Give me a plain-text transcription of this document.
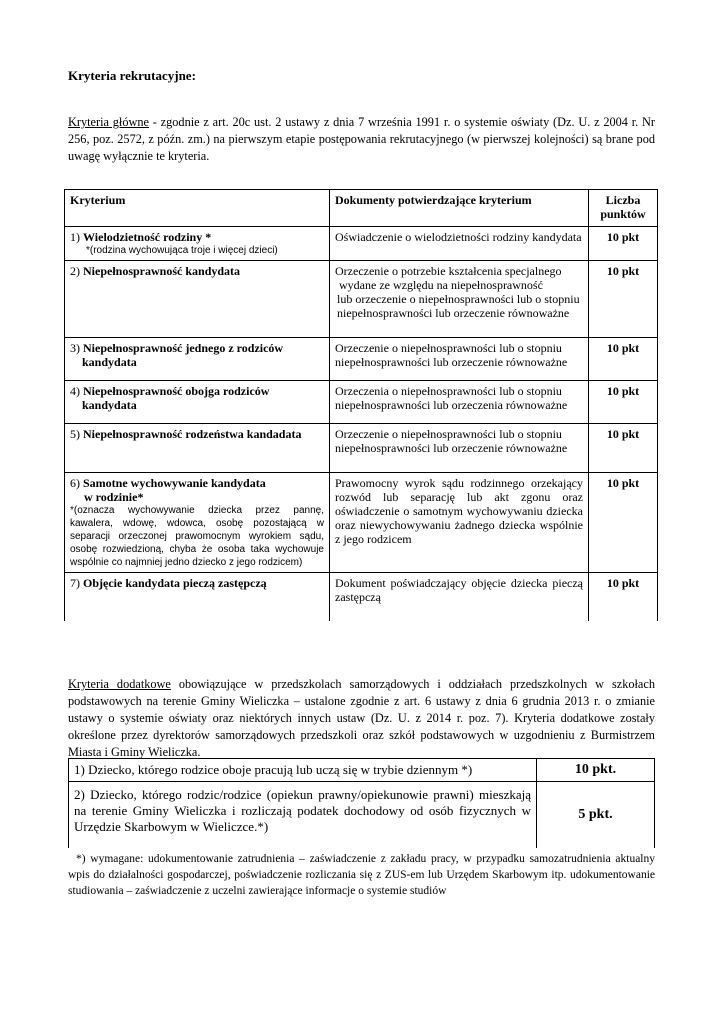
Kryteria rekrutacyjne:

Kryteria główne - zgodnie z art. 20c ust. 2 ustawy z dnia 7 września 1991 r. o systemie oświaty (Dz. U. z 2004 r. Nr 256, poz. 2572, z późn. zm.) na pierwszym etapie postępowania rekrutacyjnego (w pierwszej kolejności) są brane pod uwagę wyłącznie te kryteria.

Kryterium	Dokumenty potwierdzające kryterium	Liczba
punktów
1) Wielodzietność rodziny *
*(rodzina wychowująca troje i więcej dzieci)	Oświadczenie o wielodzietności rodziny kandydata	10 pkt
2) Niepełnosprawność kandydata	Orzeczenie o potrzebie kształcenia specjalnego
wydane ze względu na niepełnosprawność
lub orzeczenie o niepełnosprawności lub o stopniu
niepełnosprawności lub orzeczenie równoważne	10 pkt
3) Niepełnosprawność jednego z rodziców
kandydata	Orzeczenie o niepełnosprawności lub o stopniu niepełnosprawności lub orzeczenie równoważne	10 pkt
4) Niepełnosprawność obojga rodziców
kandydata	Orzeczenia o niepełnosprawności lub o stopniu niepełnosprawności lub orzeczenia równoważne	10 pkt
5) Niepełnosprawność rodzeństwa kandadata	Orzeczenie o niepełnosprawności lub o stopniu niepełnosprawności lub orzeczenie równoważne	10 pkt
6) Samotne wychowywanie kandydata
w rodzinie*
*(oznacza wychowywanie dziecka przez pannę, kawalera, wdowę, wdowca, osobę pozostającą w separacji orzeczonej prawomocnym wyrokiem sądu, osobę rozwiedzioną, chyba że osoba taka wychowuje wspólnie co najmniej jedno dziecko z jego rodzicem)	Prawomocny wyrok sądu rodzinnego orzekający rozwód lub separację lub akt zgonu oraz oświadczenie o samotnym wychowywaniu dziecka oraz niewychowywaniu żadnego dziecka wspólnie z jego rodzicem	10 pkt
7) Objęcie kandydata pieczą zastępczą	Dokument poświadczający objęcie dziecka pieczą zastępczą	10 pkt

Kryteria dodatkowe obowiązujące w przedszkolach samorządowych i oddziałach przedszkolnych w szkołach podstawowych na terenie Gminy Wieliczka – ustalone zgodnie z art. 6 ustawy z dnia 6 grudnia 2013 r. o zmianie ustawy o systemie oświaty oraz niektórych innych ustaw (Dz. U. z 2014 r. poz. 7). Kryteria dodatkowe zostały określone przez dyrektorów samorządowych przedszkoli oraz szkół podstawowych w uzgodnieniu z Burmistrzem Miasta i Gminy Wieliczka.

1) Dziecko, którego rodzice oboje pracują lub uczą się w trybie dziennym *)	10 pkt.
2) Dziecko, którego rodzic/rodzice (opiekun prawny/opiekunowie prawni) mieszkają na terenie Gminy Wieliczka i rozliczają podatek dochodowy od osób fizycznych w Urzędzie Skarbowym w Wieliczce.*)	5 pkt.

*) wymagane: udokumentowanie zatrudnienia – zaświadczenie z zakładu pracy, w przypadku samozatrudnienia aktualny wpis do działalności gospodarczej, poświadczenie rozliczania się z ZUS-em lub Urzędem Skarbowym itp. udokumentowanie studiowania – zaświadczenie z uczelni zawierające informacje o systemie studiów
